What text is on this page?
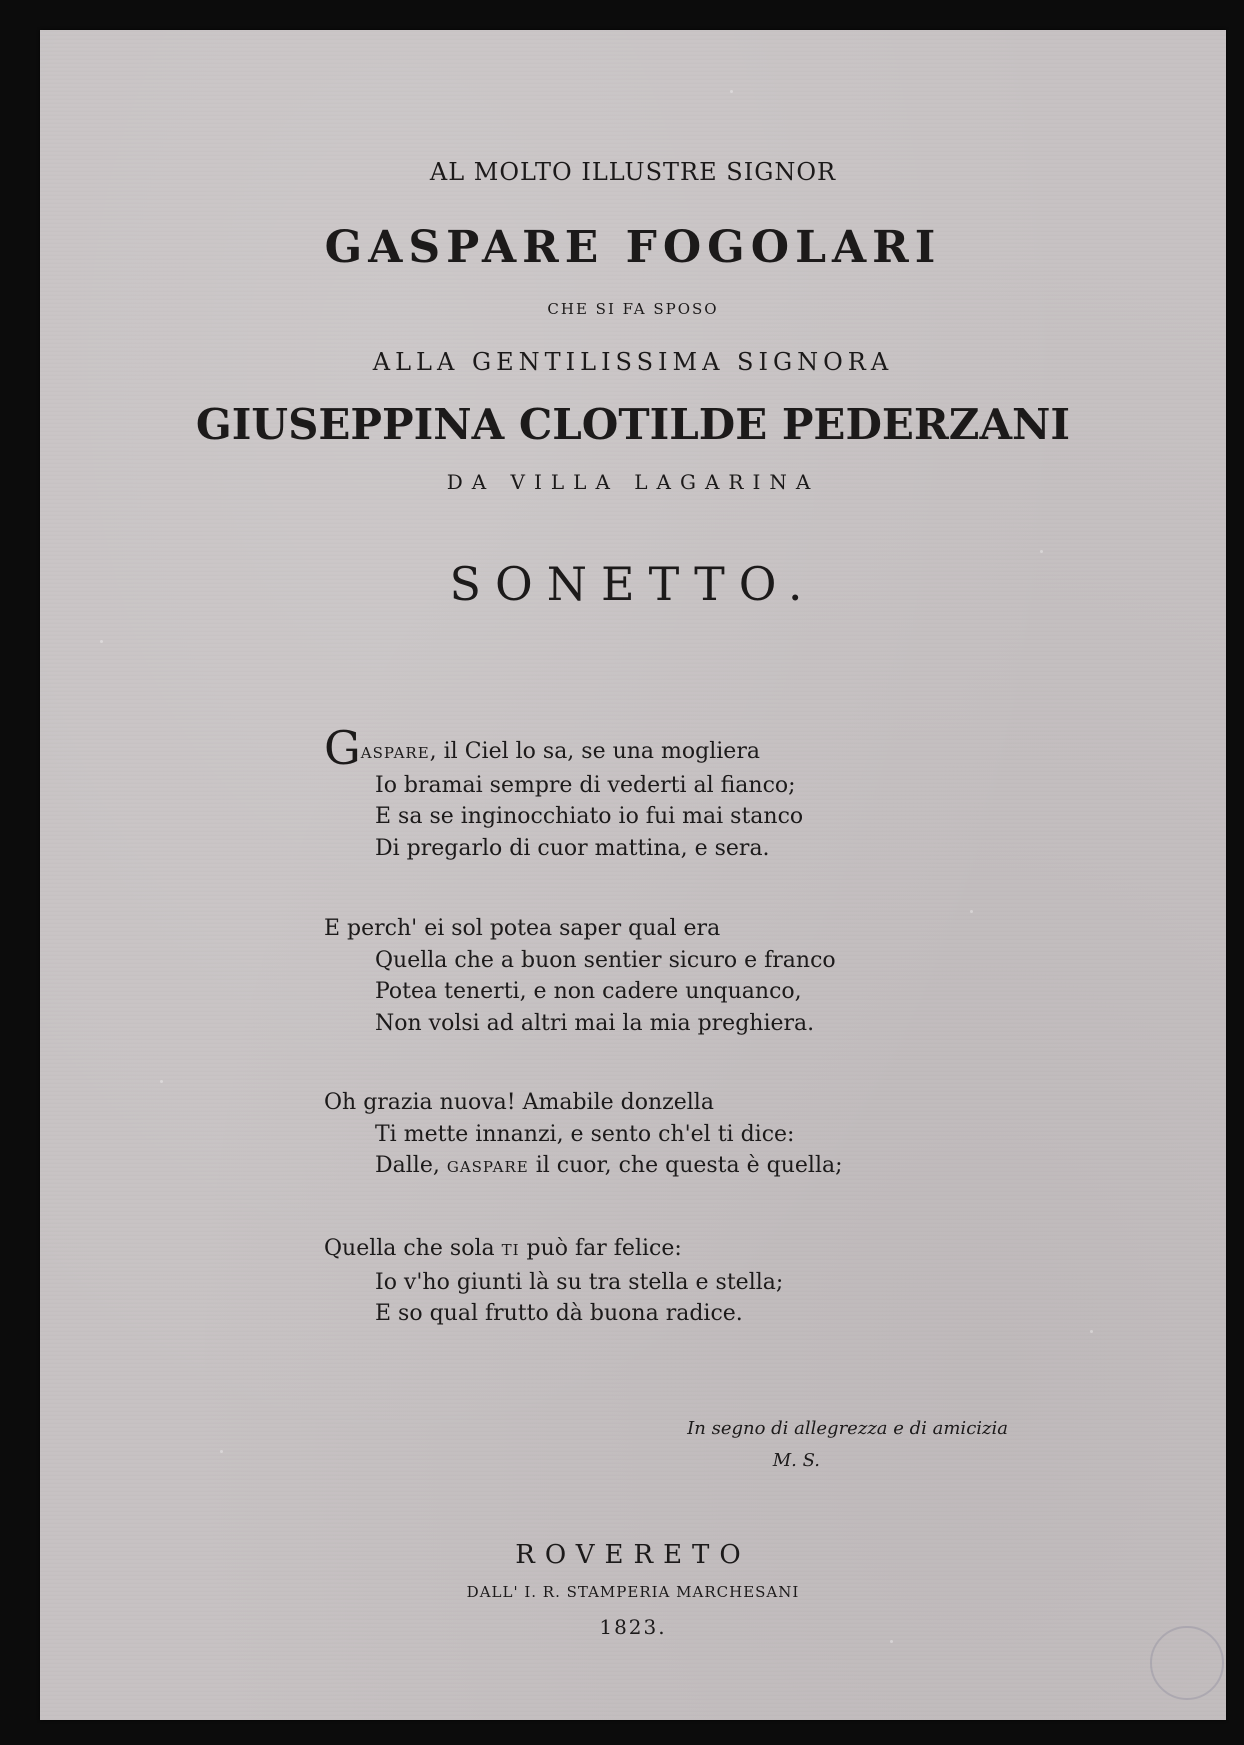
AL MOLTO ILLUSTRE SIGNOR
GASPARE FOGOLARI
CHE SI FA SPOSO
ALLA GENTILISSIMA SIGNORA
GIUSEPPINA CLOTILDE PEDERZANI
DA VILLA LAGARINA
SONETTO.
GASPARE, il Ciel lo sa, se una mogliera
Io bramai sempre di vederti al fianco;
E sa se inginocchiato io fui mai stanco
Di pregarlo di cuor mattina, e sera.
E perch' ei sol potea saper qual era
Quella che a buon sentier sicuro e franco
Potea tenerti, e non cadere unquanco,
Non volsi ad altri mai la mia preghiera.
Oh grazia nuova! Amabile donzella
Ti mette innanzi, e sento ch'el ti dice:
Dalle, GASPARE il cuor, che questa è quella;
Quella che sola TI può far felice:
Io v'ho giunti là su tra stella e stella;
E so qual frutto dà buona radice.
In segno di allegrezza e di amicizia
M. S.
ROVERETO
DALL' I. R. STAMPERIA MARCHESANI
1823.
